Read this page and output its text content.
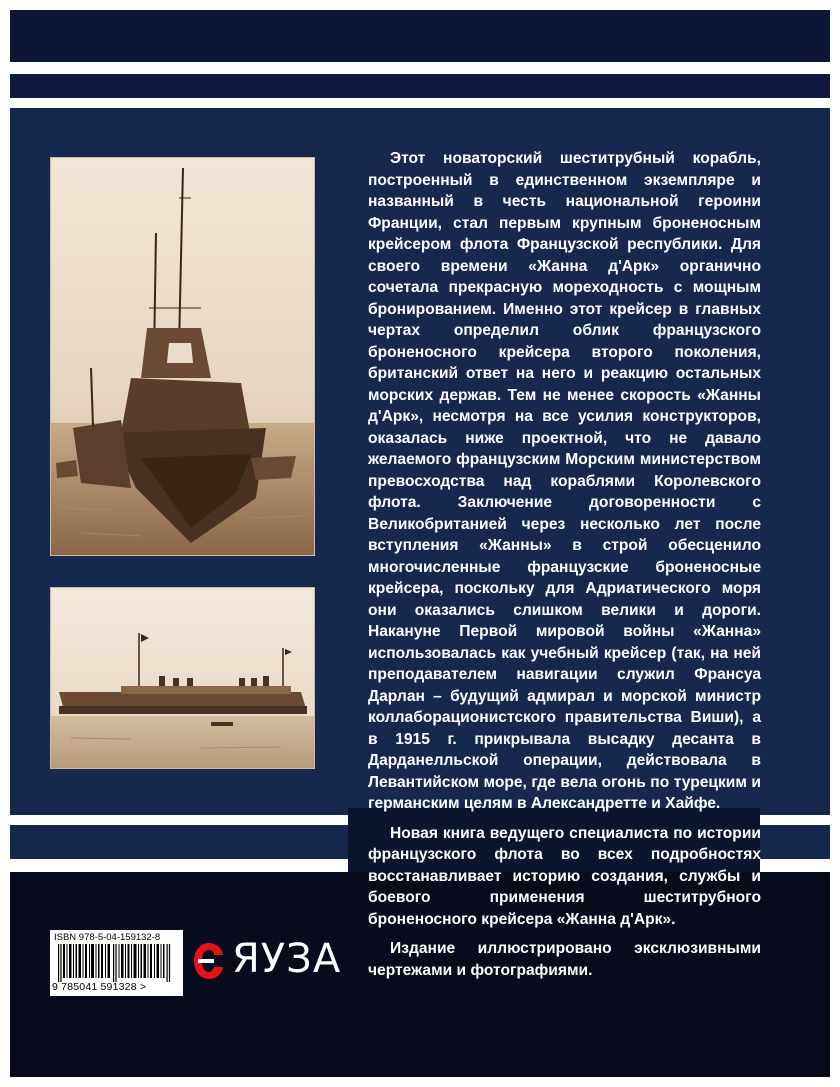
Этот новаторский шеститрубный корабль, построенный в единственном экземпляре и названный в честь национальной героини Франции, стал первым крупным броненосным крейсером флота Французской республики. Для своего времени «Жанна д'Арк» органично сочетала прекрасную мореходность с мощным бронированием. Именно этот крейсер в главных чертах определил облик французского броненосного крейсера второго поколения, британский ответ на него и реакцию остальных морских держав. Тем не менее скорость «Жанны д'Арк», несмотря на все усилия конструкторов, оказалась ниже проектной, что не давало желаемого французским Морским министерством превосходства над кораблями Королевского флота. Заключение договоренности с Великобританией через несколько лет после вступления «Жанны» в строй обесценило многочисленные французские броненосные крейсера, поскольку для Адриатического моря они оказались слишком велики и дороги. Накануне Первой мировой войны «Жанна» использовалась как учебный крейсер (так, на ней преподавателем навигации служил Франсуа Дарлан – будущий адмирал и морской министр коллаборационистского правительства Виши), а в 1915 г. прикрывала высадку десанта в Дарданелльской операции, действовала в Левантийском море, где вела огонь по турецким и германским целям в Александретте и Хайфе.

Новая книга ведущего специалиста по истории французского флота во всех подробностях восстанавливает историю создания, службы и боевого применения шеститрубного броненосного крейсера «Жанна д'Арк».

Издание иллюстрировано эксклюзивными чертежами и фотографиями.

ISBN 978-5-04-159132-8
9 785041 591328 >
ЯУЗА
